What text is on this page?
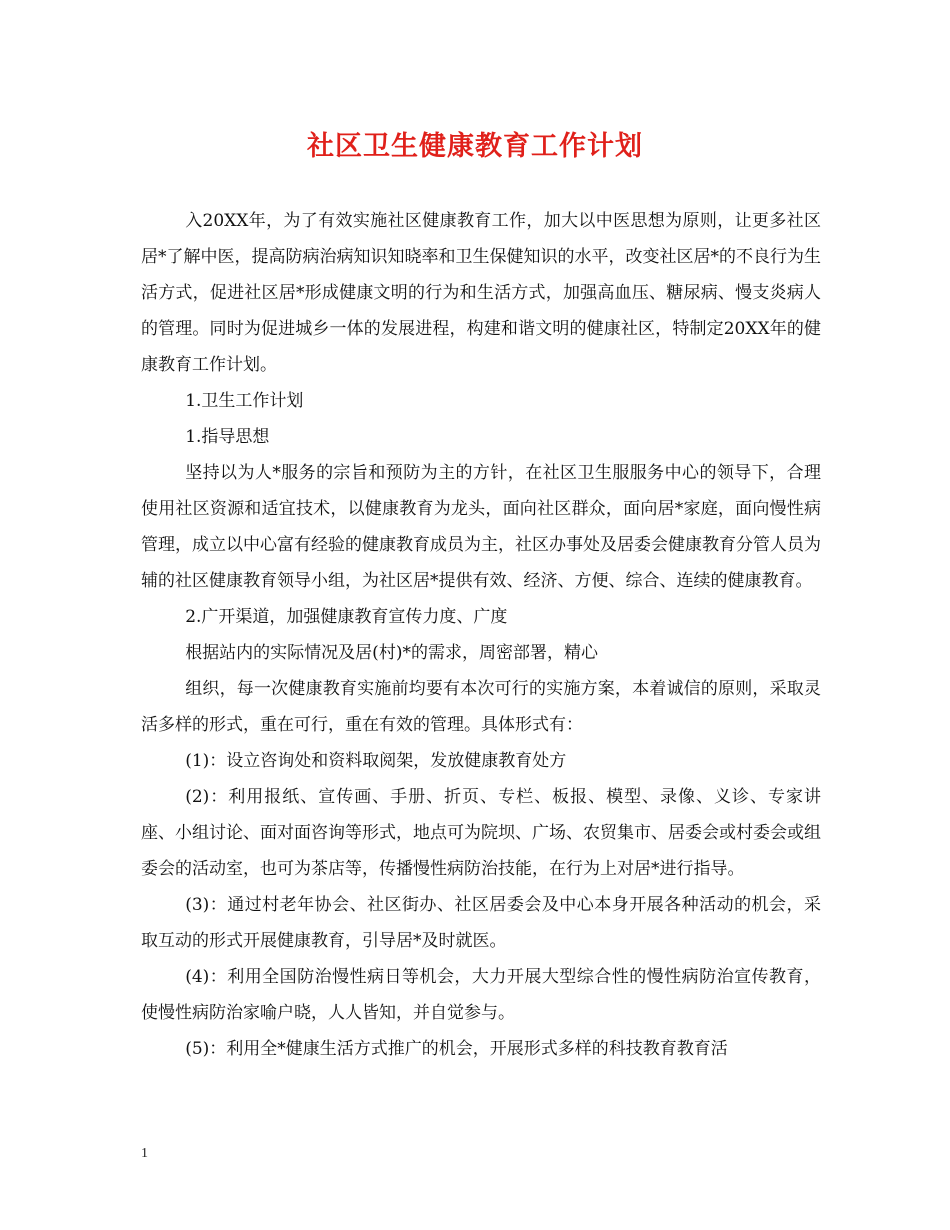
社区卫生健康教育工作计划

入20XX年，为了有效实施社区健康教育工作，加大以中医思想为原则，让更多社区居*了解中医，提高防病治病知识知晓率和卫生保健知识的水平，改变社区居*的不良行为生活方式，促进社区居*形成健康文明的行为和生活方式，加强高血压、糖尿病、慢支炎病人的管理。同时为促进城乡一体的发展进程，构建和谐文明的健康社区，特制定20XX年的健康教育工作计划。

1.卫生工作计划

1.指导思想

坚持以为人*服务的宗旨和预防为主的方针，在社区卫生服服务中心的领导下，合理使用社区资源和适宜技术，以健康教育为龙头，面向社区群众，面向居*家庭，面向慢性病管理，成立以中心富有经验的健康教育成员为主，社区办事处及居委会健康教育分管人员为辅的社区健康教育领导小组，为社区居*提供有效、经济、方便、综合、连续的健康教育。

2.广开渠道，加强健康教育宣传力度、广度

根据站内的实际情况及居(村)*的需求，周密部署，精心

组织，每一次健康教育实施前均要有本次可行的实施方案，本着诚信的原则，采取灵活多样的形式，重在可行，重在有效的管理。具体形式有：

(1)：设立咨询处和资料取阅架，发放健康教育处方

(2)：利用报纸、宣传画、手册、折页、专栏、板报、模型、录像、义诊、专家讲座、小组讨论、面对面咨询等形式，地点可为院坝、广场、农贸集市、居委会或村委会或组委会的活动室，也可为茶店等，传播慢性病防治技能，在行为上对居*进行指导。

(3)：通过村老年协会、社区街办、社区居委会及中心本身开展各种活动的机会，采取互动的形式开展健康教育，引导居*及时就医。

(4)：利用全国防治慢性病日等机会，大力开展大型综合性的慢性病防治宣传教育，使慢性病防治家喻户晓，人人皆知，并自觉参与。

(5)：利用全*健康生活方式推广的机会，开展形式多样的科技教育教育活

1
